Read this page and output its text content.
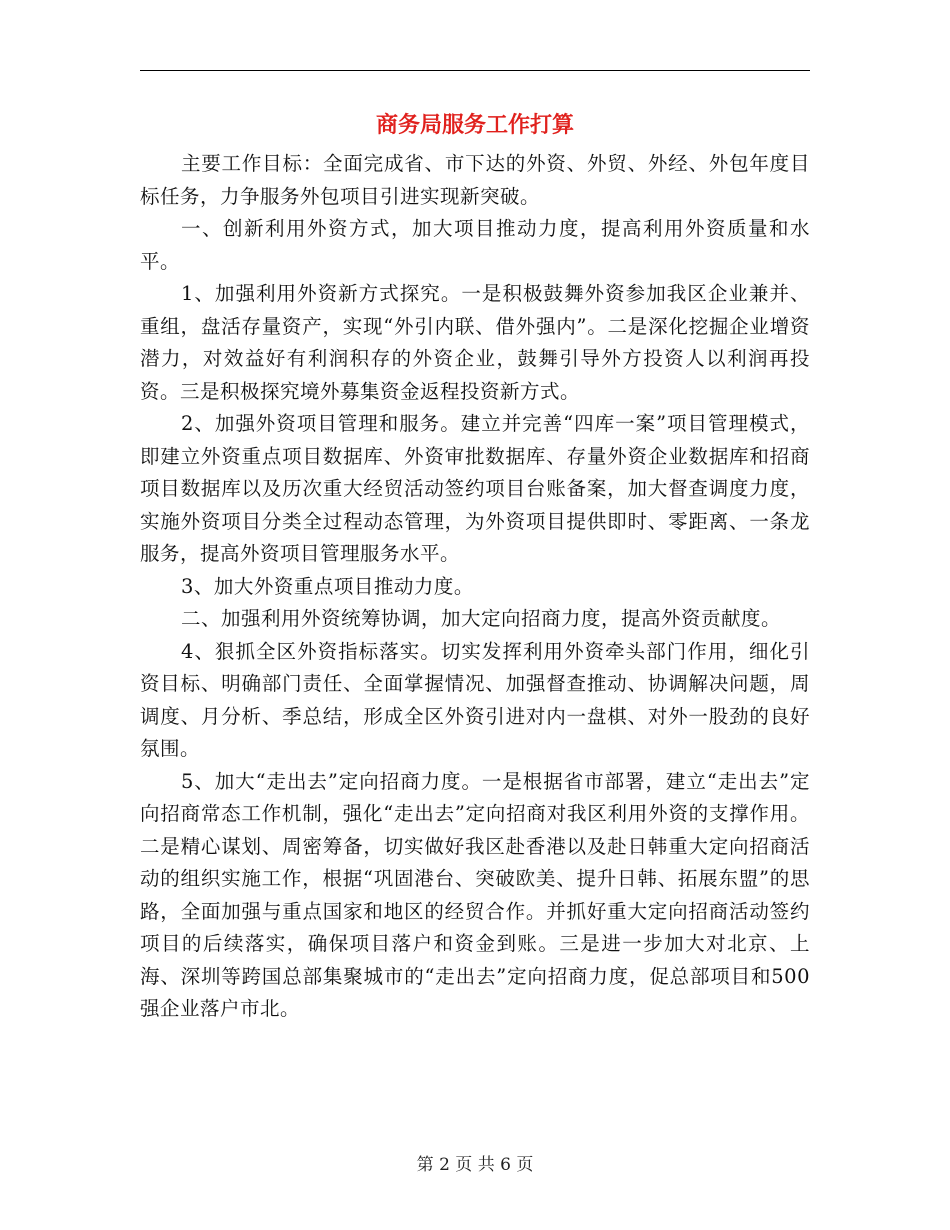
商务局服务工作打算

主要工作目标：全面完成省、市下达的外资、外贸、外经、外包年度目标任务，力争服务外包项目引进实现新突破。

一、创新利用外资方式，加大项目推动力度，提高利用外资质量和水平。

1、加强利用外资新方式探究。一是积极鼓舞外资参加我区企业兼并、重组，盘活存量资产，实现“外引内联、借外强内”。二是深化挖掘企业增资潜力，对效益好有利润积存的外资企业，鼓舞引导外方投资人以利润再投资。三是积极探究境外募集资金返程投资新方式。

2、加强外资项目管理和服务。建立并完善“四库一案”项目管理模式，即建立外资重点项目数据库、外资审批数据库、存量外资企业数据库和招商项目数据库以及历次重大经贸活动签约项目台账备案，加大督查调度力度，实施外资项目分类全过程动态管理，为外资项目提供即时、零距离、一条龙服务，提高外资项目管理服务水平。

3、加大外资重点项目推动力度。

二、加强利用外资统筹协调，加大定向招商力度，提高外资贡献度。

4、狠抓全区外资指标落实。切实发挥利用外资牵头部门作用，细化引资目标、明确部门责任、全面掌握情况、加强督查推动、协调解决问题，周调度、月分析、季总结，形成全区外资引进对内一盘棋、对外一股劲的良好氛围。

5、加大“走出去”定向招商力度。一是根据省市部署，建立“走出去”定向招商常态工作机制，强化“走出去”定向招商对我区利用外资的支撑作用。二是精心谋划、周密筹备，切实做好我区赴香港以及赴日韩重大定向招商活动的组织实施工作，根据“巩固港台、突破欧美、提升日韩、拓展东盟”的思路，全面加强与重点国家和地区的经贸合作。并抓好重大定向招商活动签约项目的后续落实，确保项目落户和资金到账。三是进一步加大对北京、上海、深圳等跨国总部集聚城市的“走出去”定向招商力度，促总部项目和500强企业落户市北。

第 2 页 共 6 页
